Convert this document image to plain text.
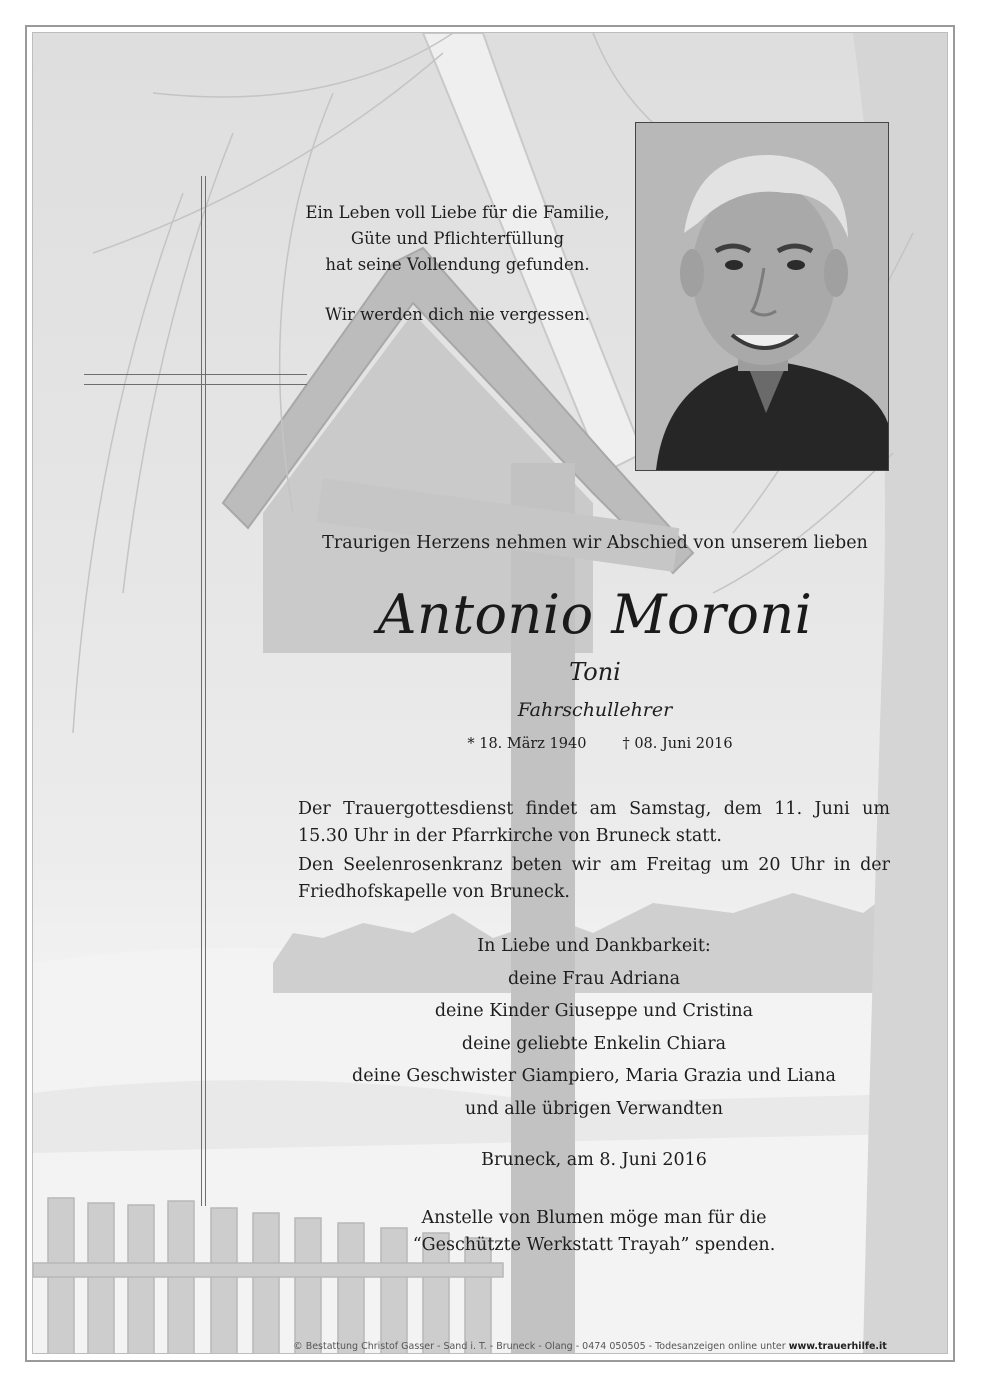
Ein Leben voll Liebe für die Familie,

Güte und Pflichterfüllung

hat seine Vollendung gefunden.

Wir werden dich nie vergessen.

Traurigen Herzens nehmen wir Abschied von unserem lieben
Antonio Moroni
Toni
Fahrschullehrer
* 18. März 1940 † 08. Juni 2016

Der Trauergottesdienst findet am Samstag, dem 11. Juni um 15.30 Uhr in der Pfarrkirche von Bruneck statt.

Den Seelenrosenkranz beten wir am Freitag um 20 Uhr in der Friedhofskapelle von Bruneck.

In Liebe und Dankbarkeit:
deine Frau Adriana
deine Kinder Giuseppe und Cristina
deine geliebte Enkelin Chiara
deine Geschwister Giampiero, Maria Grazia und Liana
und alle übrigen Verwandten
Bruneck, am 8. Juni 2016
Anstelle von Blumen möge man für die
“Geschützte Werkstatt Trayah” spenden.
© Bestattung Christof Gasser - Sand i. T. - Bruneck - Olang - 0474 050505 - Todesanzeigen online unter www.trauerhilfe.it
